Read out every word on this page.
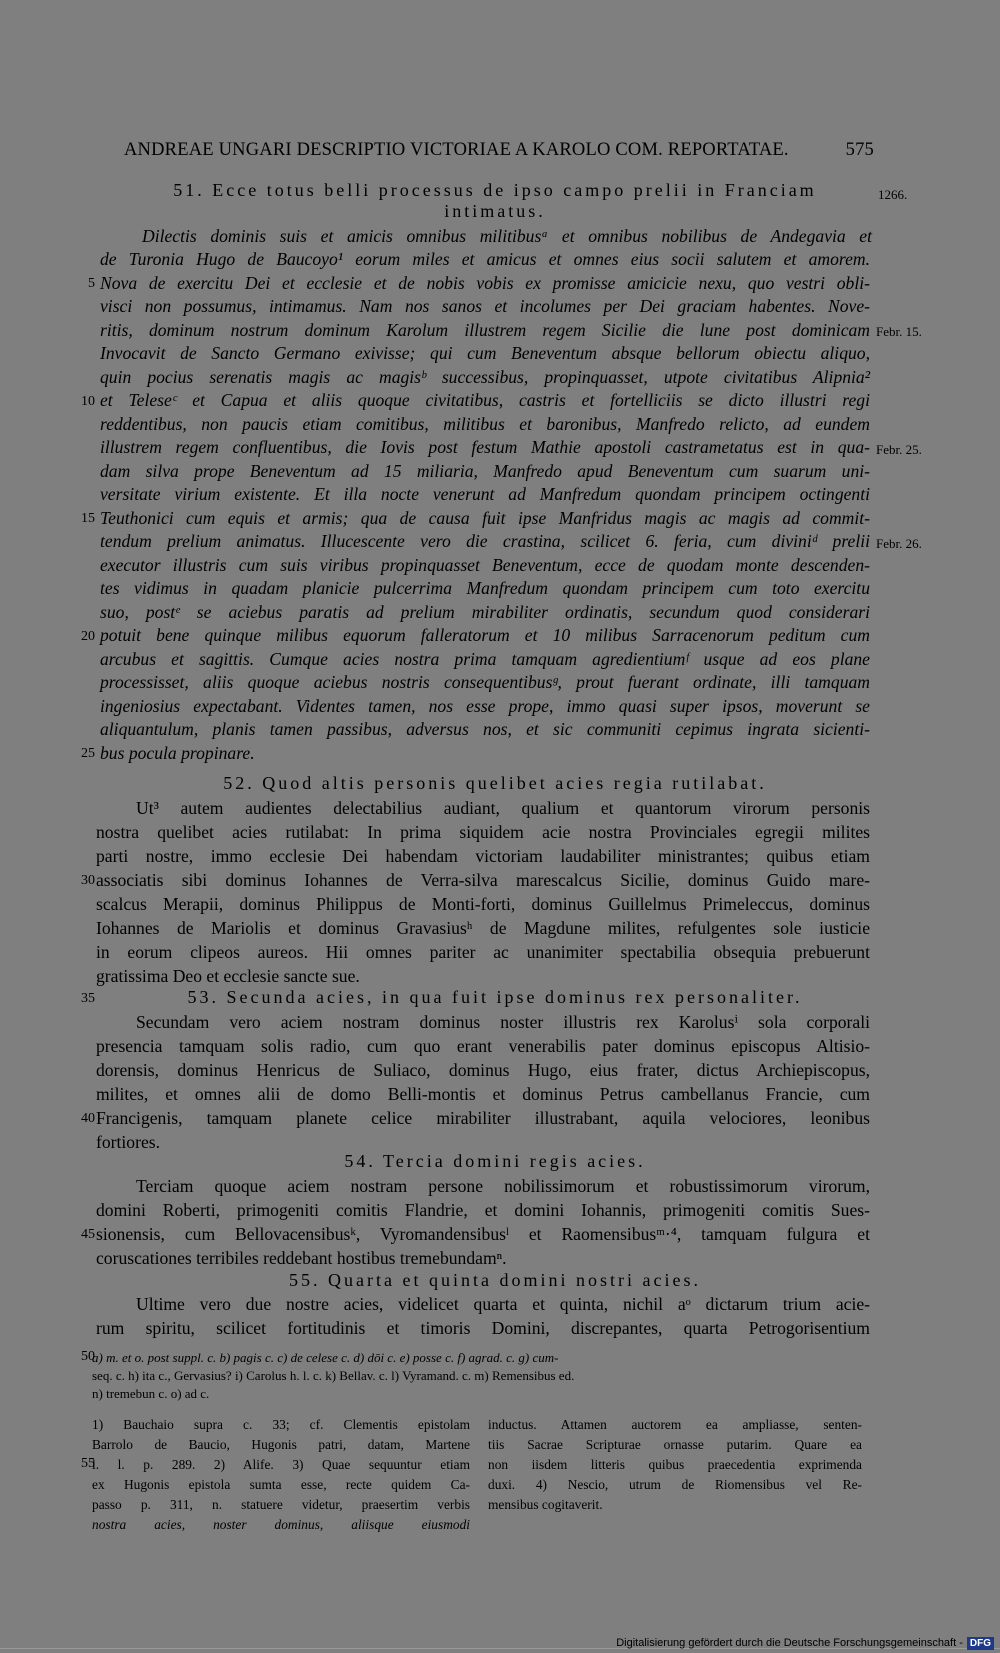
ANDREAE UNGARI DESCRIPTIO VICTORIAE A KAROLO COM. REPORTATAE.	575
1266.
51. Ecce totus belli processus de ipso campo prelii in Franciam
intimatus.
Dilectis dominis suis et amicis omnibus militibusᵃ et omnibus nobilibus de Andegavia et
de Turonia Hugo de Baucoyo¹ eorum miles et amicus et omnes eius socii salutem et amorem.
Nova de exercitu Dei et ecclesie et de nobis vobis ex promisse amicicie nexu, quo vestri obli-
visci non possumus, intimamus. Nam nos sanos et incolumes per Dei graciam habentes. Nove-
ritis, dominum nostrum dominum Karolum illustrem regem Sicilie die lune post dominicam
Invocavit de Sancto Germano exivisse; qui cum Beneventum absque bellorum obiectu aliquo,
quin pocius serenatis magis ac magisᵇ successibus, propinquasset, utpote civitatibus Alipnia²
et Teleseᶜ et Capua et aliis quoque civitatibus, castris et fortelliciis se dicto illustri regi
reddentibus, non paucis etiam comitibus, militibus et baronibus, Manfredo relicto, ad eundem
illustrem regem confluentibus, die Iovis post festum Mathie apostoli castrametatus est in qua-
dam silva prope Beneventum ad 15 miliaria, Manfredo apud Beneventum cum suarum uni-
versitate virium existente. Et illa nocte venerunt ad Manfredum quondam principem octingenti
Teuthonici cum equis et armis; qua de causa fuit ipse Manfridus magis ac magis ad commit-
tendum prelium animatus. Illucescente vero die crastina, scilicet 6. feria, cum diviniᵈ prelii
executor illustris cum suis viribus propinquasset Beneventum, ecce de quodam monte descenden-
tes vidimus in quadam planicie pulcerrima Manfredum quondam principem cum toto exercitu
suo, postᵉ se aciebus paratis ad prelium mirabiliter ordinatis, secundum quod considerari
potuit bene quinque milibus equorum falleratorum et 10 milibus Sarracenorum peditum cum
arcubus et sagittis. Cumque acies nostra prima tamquam agredientiumᶠ usque ad eos plane
processisset, aliis quoque aciebus nostris consequentibusᵍ, prout fuerant ordinate, illi tamquam
ingeniosius expectabant. Videntes tamen, nos esse prope, immo quasi super ipsos, moverunt se
aliquantulum, planis tamen passibus, adversus nos, et sic communiti cepimus ingrata sicienti-
bus pocula propinare.
52. Quod altis personis quelibet acies regia rutilabat.
Ut³ autem audientes delectabilius audiant, qualium et quantorum virorum personis
nostra quelibet acies rutilabat: In prima siquidem acie nostra Provinciales egregii milites
parti nostre, immo ecclesie Dei habendam victoriam laudabiliter ministrantes; quibus etiam
associatis sibi dominus Iohannes de Verra-silva marescalcus Sicilie, dominus Guido mare-
scalcus Merapii, dominus Philippus de Monti-forti, dominus Guillelmus Primeleccus, dominus
Iohannes de Mariolis et dominus Gravasiusʰ de Magdune milites, refulgentes sole iusticie
in eorum clipeos aureos. Hii omnes pariter ac unanimiter spectabilia obsequia prebuerunt
gratissima Deo et ecclesie sancte sue.
53. Secunda acies, in qua fuit ipse dominus rex personaliter.
Secundam vero aciem nostram dominus noster illustris rex Karolusⁱ sola corporali
presencia tamquam solis radio, cum quo erant venerabilis pater dominus episcopus Altisio-
dorensis, dominus Henricus de Suliaco, dominus Hugo, eius frater, dictus Archiepiscopus,
milites, et omnes alii de domo Belli-montis et dominus Petrus cambellanus Francie, cum
Francigenis, tamquam planete celice mirabiliter illustrabant, aquila velociores, leonibus
fortiores.
54. Tercia domini regis acies.
Terciam quoque aciem nostram persone nobilissimorum et robustissimorum virorum,
domini Roberti, primogeniti comitis Flandrie, et domini Iohannis, primogeniti comitis Sues-
sionensis, cum Bellovacensibusᵏ, Vyromandensibusˡ et Raomensibusᵐ·⁴, tamquam fulgura et
coruscationes terribiles reddebant hostibus tremebundamⁿ.
55. Quarta et quinta domini nostri acies.
Ultime vero due nostre acies, videlicet quarta et quinta, nichil aᵒ dictarum trium acie-
rum spiritu, scilicet fortitudinis et timoris Domini, discrepantes, quarta Petrogorisentium
5
10
15
20
25
30
35
40
45
50
55
Febr. 15.
Febr. 25.
Febr. 26.
a) m. et o. post suppl. c. b) pagis c. c) de celese c. d) dōi c. e) posse c. f) agrad. c. g) cum-
seq. c. h) ita c., Gervasius? i) Carolus h. l. c. k) Bellav. c. l) Vyramand. c. m) Remensibus ed.
n) tremebun c. o) ad c.
1) Bauchaio supra c. 33; cf. Clementis epistolam
Barrolo de Baucio, Hugonis patri, datam, Martene
l. l. p. 289. 2) Alife. 3) Quae sequuntur etiam
ex Hugonis epistola sumta esse, recte quidem Ca-
passo p. 311, n. statuere videtur, praesertim verbis
nostra acies, noster dominus, aliisque eiusmodi
inductus. Attamen auctorem ea ampliasse, senten-
tiis Sacrae Scripturae ornasse putarim. Quare ea
non iisdem litteris quibus praecedentia exprimenda
duxi. 4) Nescio, utrum de Riomensibus vel Re-
mensibus cogitaverit.
Digitalisierung gefördert durch die Deutsche Forschungsgemeinschaft - DFG
